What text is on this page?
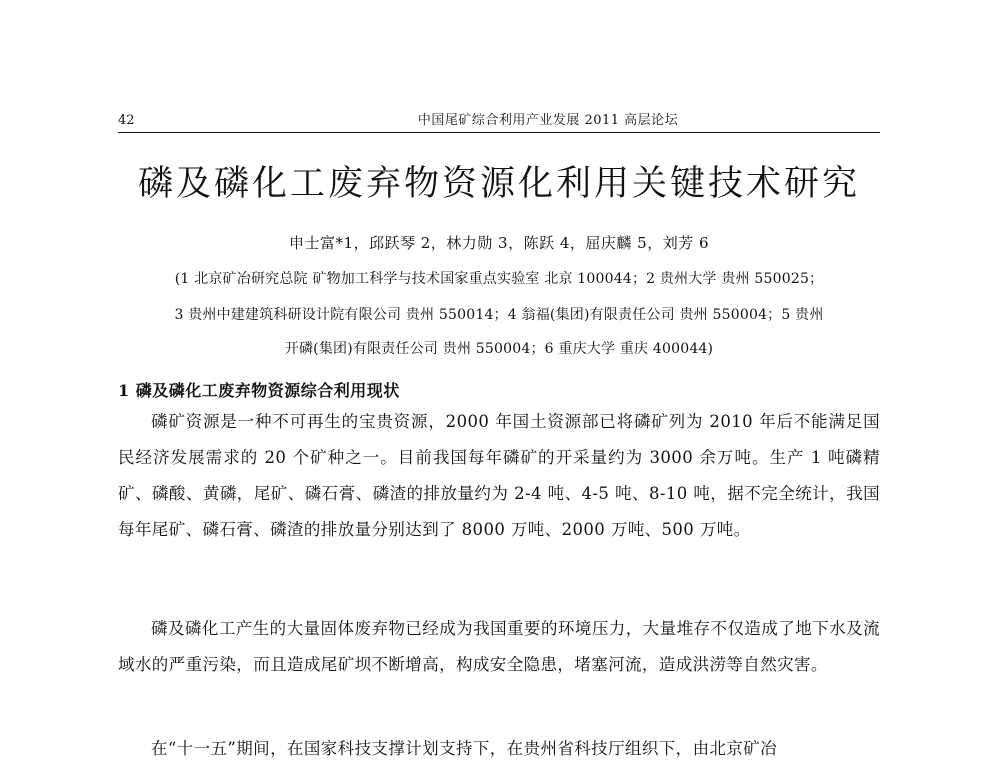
42	中国尾矿综合利用产业发展 2011 高层论坛
磷及磷化工废弃物资源化利用关键技术研究
申士富*1，邱跃琴 2，林力勋 3，陈跃 4，屈庆麟 5，刘芳 6
(1 北京矿冶研究总院 矿物加工科学与技术国家重点实验室 北京 100044；2 贵州大学 贵州 550025；
3 贵州中建建筑科研设计院有限公司 贵州 550014；4 翁福(集团)有限责任公司 贵州 550004；5 贵州
开磷(集团)有限责任公司 贵州 550004；6 重庆大学 重庆 400044)
1 磷及磷化工废弃物资源综合利用现状
磷矿资源是一种不可再生的宝贵资源，2000 年国土资源部已将磷矿列为 2010 年后不能满足国民经济发展需求的 20 个矿种之一。目前我国每年磷矿的开采量约为 3000 余万吨。生产 1 吨磷精矿、磷酸、黄磷，尾矿、磷石膏、磷渣的排放量约为 2-4 吨、4-5 吨、8-10 吨，据不完全统计，我国每年尾矿、磷石膏、磷渣的排放量分别达到了 8000 万吨、2000 万吨、500 万吨。
磷及磷化工产生的大量固体废弃物已经成为我国重要的环境压力，大量堆存不仅造成了地下水及流域水的严重污染，而且造成尾矿坝不断增高，构成安全隐患，堵塞河流，造成洪涝等自然灾害。
在“十一五”期间，在国家科技支撑计划支持下，在贵州省科技厅组织下，由北京矿冶
